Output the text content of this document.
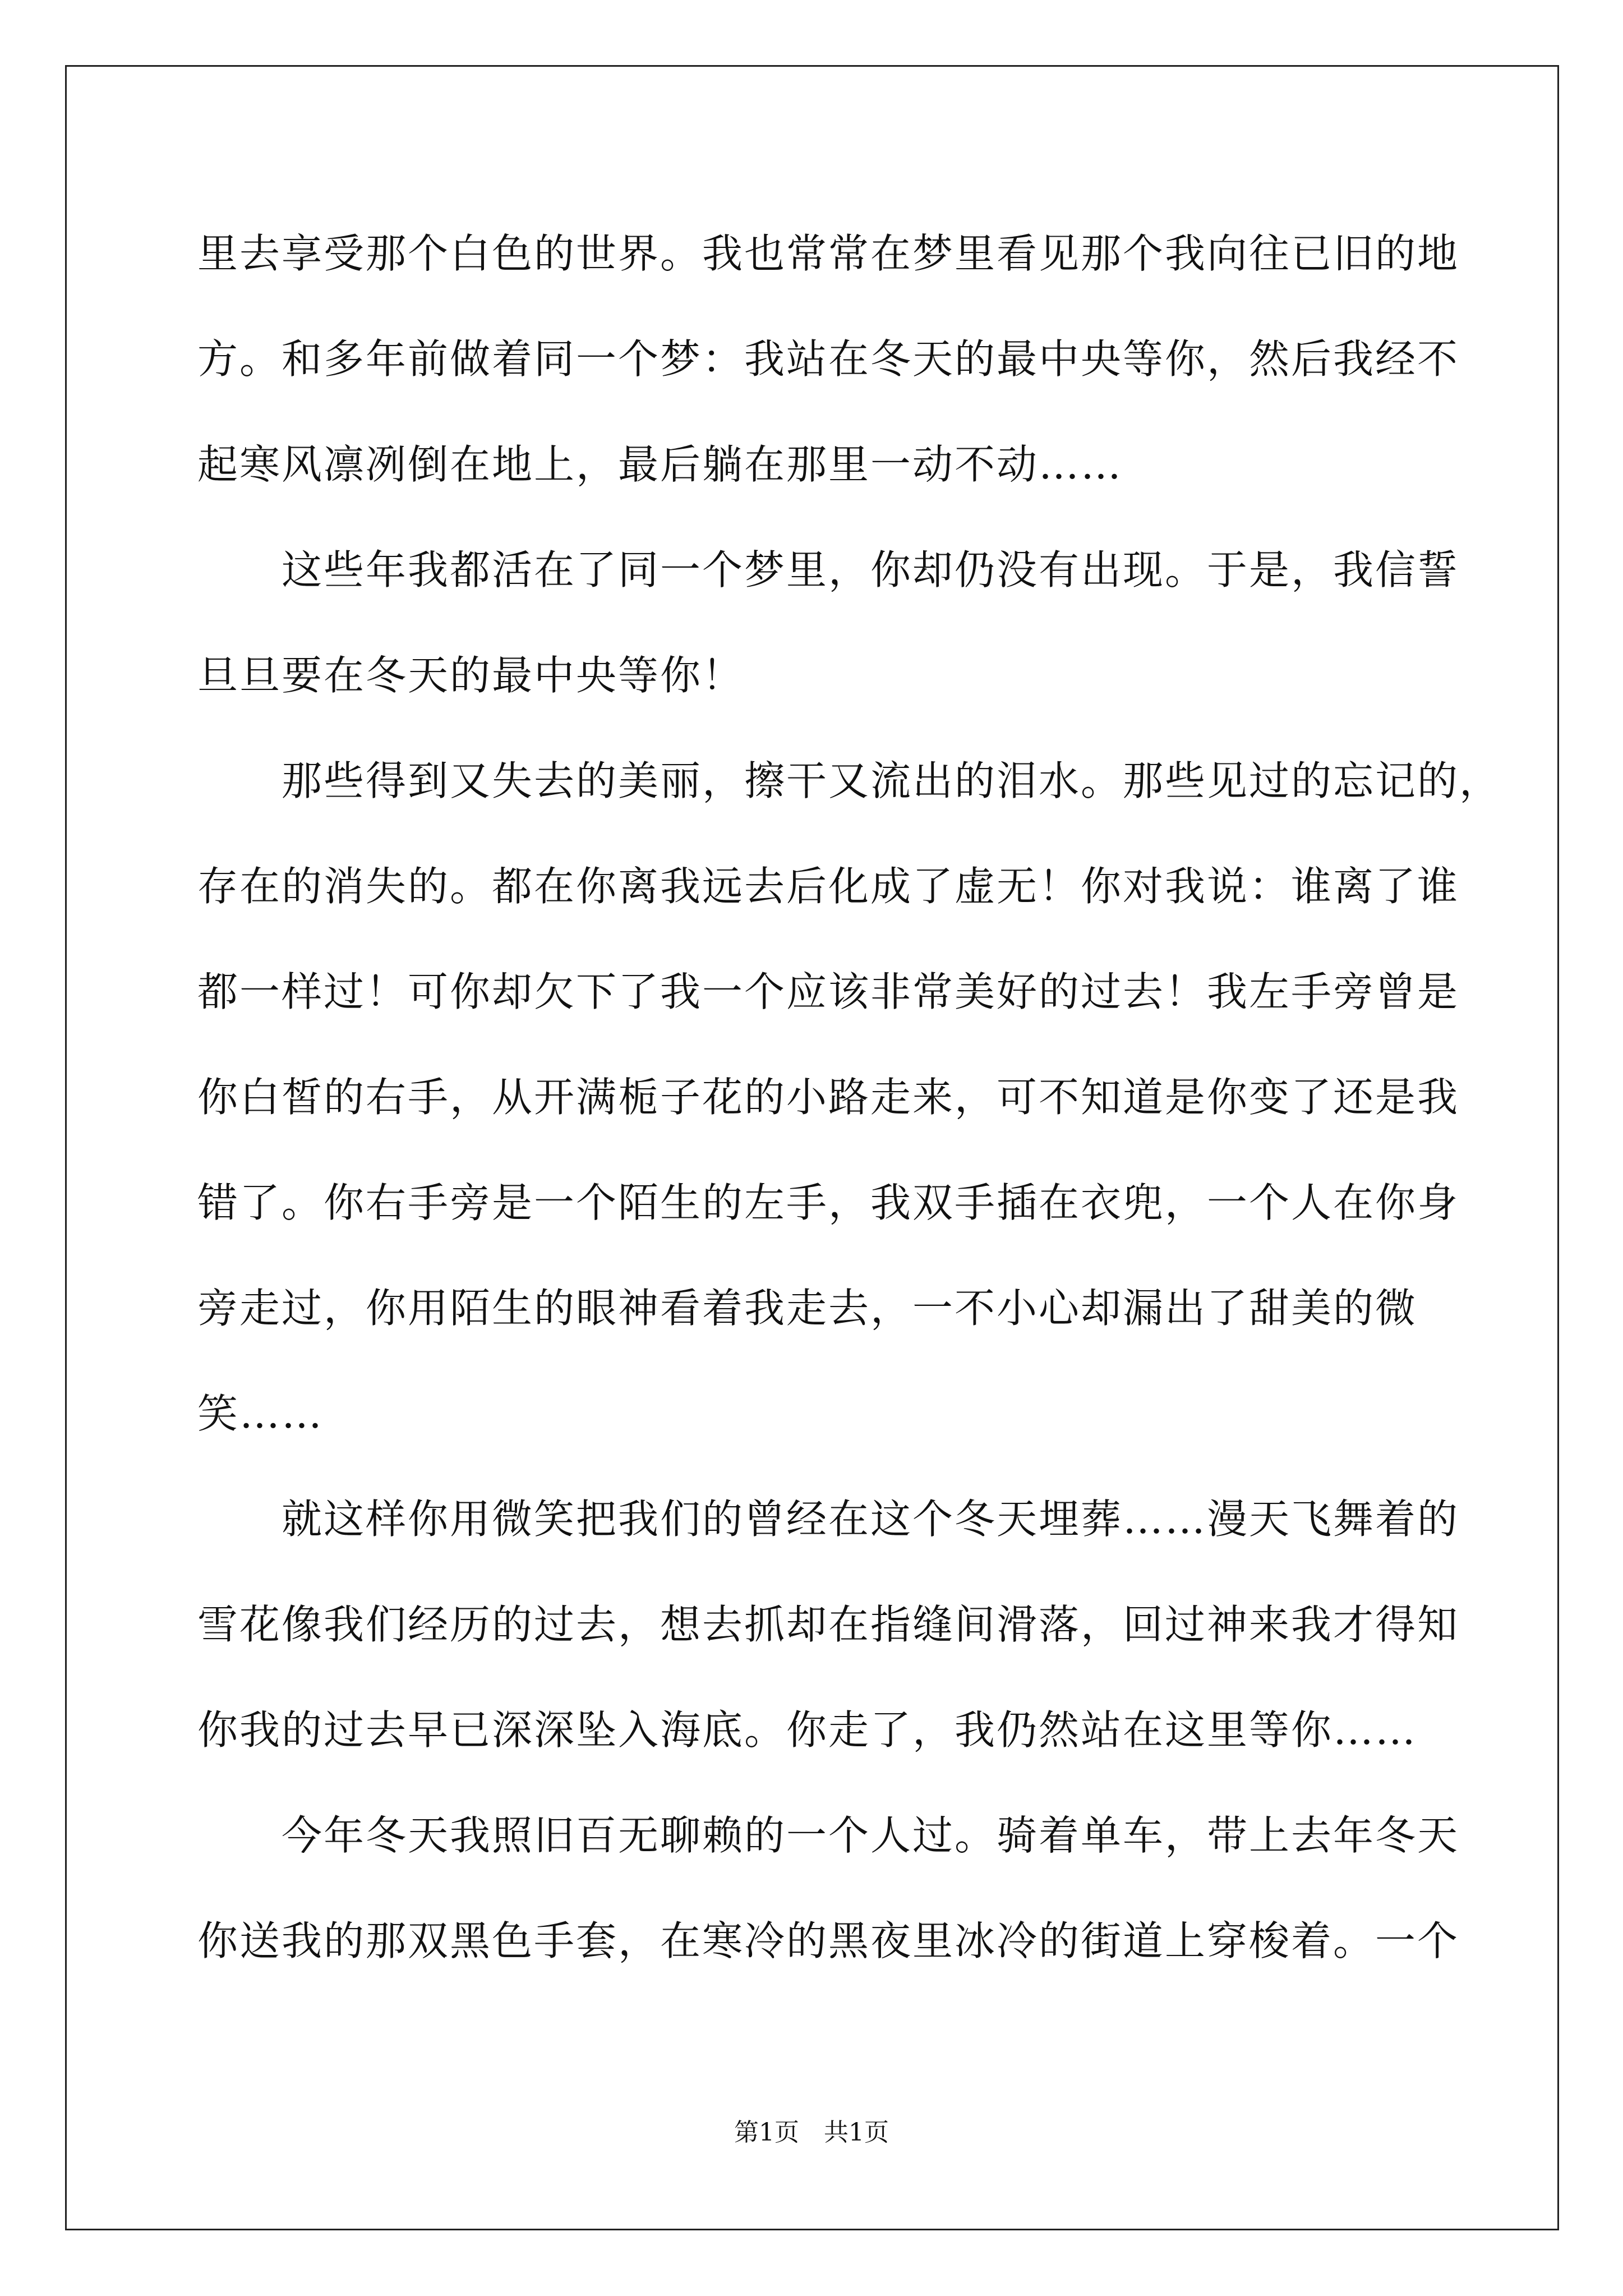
里去享受那个白色的世界。我也常常在梦里看见那个我向往已旧的地
方。和多年前做着同一个梦：我站在冬天的最中央等你，然后我经不
起寒风凛冽倒在地上，最后躺在那里一动不动……
　　这些年我都活在了同一个梦里，你却仍没有出现。于是，我信誓
旦旦要在冬天的最中央等你！
　　那些得到又失去的美丽，擦干又流出的泪水。那些见过的忘记的，
存在的消失的。都在你离我远去后化成了虚无！你对我说：谁离了谁
都一样过！可你却欠下了我一个应该非常美好的过去！我左手旁曾是
你白皙的右手，从开满栀子花的小路走来，可不知道是你变了还是我
错了。你右手旁是一个陌生的左手，我双手插在衣兜，一个人在你身
旁走过，你用陌生的眼神看着我走去，一不小心却漏出了甜美的微
笑……
　　就这样你用微笑把我们的曾经在这个冬天埋葬……漫天飞舞着的
雪花像我们经历的过去，想去抓却在指缝间滑落，回过神来我才得知
你我的过去早已深深坠入海底。你走了，我仍然站在这里等你……
　　今年冬天我照旧百无聊赖的一个人过。骑着单车，带上去年冬天
你送我的那双黑色手套，在寒冷的黑夜里冰冷的街道上穿梭着。一个
第1页　共1页
